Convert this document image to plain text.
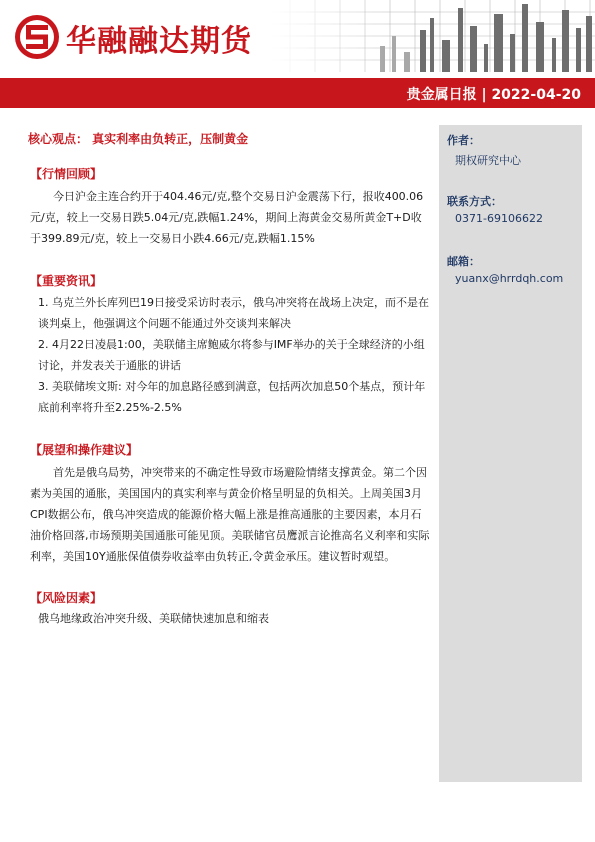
华融融达期货
贵金属日报 | 2022-04-20
核心观点： 真实利率由负转正，压制黄金
【行情回顾】
今日沪金主连合约开于404.46元/克,整个交易日沪金震荡下行，报收400.06元/克，较上一交易日跌5.04元/克,跌幅1.24%，期间上海黄金交易所黄金T+D收于399.89元/克，较上一交易日小跌4.66元/克,跌幅1.15%
【重要资讯】
1. 乌克兰外长库列巴19日接受采访时表示，俄乌冲突将在战场上决定，而不是在谈判桌上，他强调这个问题不能通过外交谈判来解决
2. 4月22日凌晨1:00，美联储主席鲍威尔将参与IMF举办的关于全球经济的小组讨论，并发表关于通胀的讲话
3. 美联储埃文斯: 对今年的加息路径感到满意，包括两次加息50个基点，预计年底前利率将升至2.25%-2.5%
【展望和操作建议】
首先是俄乌局势，冲突带来的不确定性导致市场避险情绪支撑黄金。第二个因素为美国的通胀，美国国内的真实利率与黄金价格呈明显的负相关。上周美国3月CPI数据公布，俄乌冲突造成的能源价格大幅上涨是推高通胀的主要因素，本月石油价格回落,市场预期美国通胀可能见顶。美联储官员鹰派言论推高名义利率和实际利率，美国10Y通胀保值债券收益率由负转正,令黄金承压。建议暂时观望。
【风险因素】
俄乌地缘政治冲突升级、美联储快速加息和缩表
作者：
期权研究中心
联系方式：
0371-69106622
邮箱：
yuanx@hrrdqh.com
